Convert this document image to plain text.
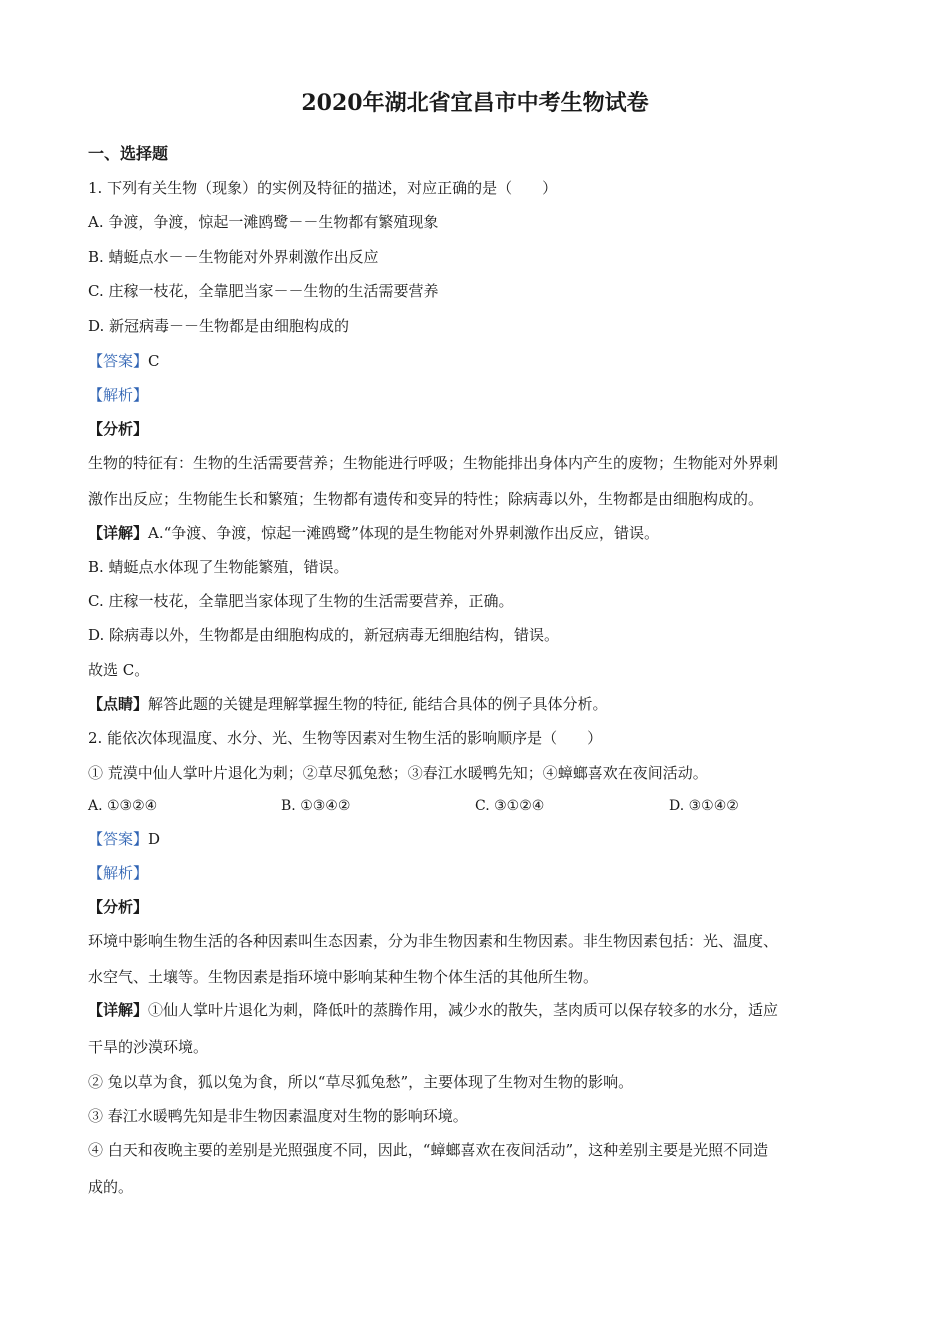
2020年湖北省宜昌市中考生物试卷
一、选择题
1. 下列有关生物（现象）的实例及特征的描述，对应正确的是（　　）
A. 争渡，争渡，惊起一滩鸥鹭－－生物都有繁殖现象
B. 蜻蜓点水－－生物能对外界刺激作出反应
C. 庄稼一枝花，全靠肥当家－－生物的生活需要营养
D. 新冠病毒－－生物都是由细胞构成的
【答案】C
【解析】
【分析】
生物的特征有：生物的生活需要营养；生物能进行呼吸；生物能排出身体内产生的废物；生物能对外界刺
激作出反应；生物能生长和繁殖；生物都有遗传和变异的特性；除病毒以外，生物都是由细胞构成的。
【详解】A.“争渡、争渡，惊起一滩鸥鹭”体现的是生物能对外界刺激作出反应，错误。
B. 蜻蜓点水体现了生物能繁殖，错误。
C. 庄稼一枝花，全靠肥当家体现了生物的生活需要营养，正确。
D. 除病毒以外，生物都是由细胞构成的，新冠病毒无细胞结构，错误。
故选 C。
【点睛】解答此题的关键是理解掌握生物的特征, 能结合具体的例子具体分析。
2. 能依次体现温度、水分、光、生物等因素对生物生活的影响顺序是（　　）
① 荒漠中仙人掌叶片退化为刺；②草尽狐兔愁；③春江水暖鸭先知；④蟑螂喜欢在夜间活动。
A. ①③②④	B. ①③④②	C. ③①②④	D. ③①④②
【答案】D
【解析】
【分析】
环境中影响生物生活的各种因素叫生态因素，分为非生物因素和生物因素。非生物因素包括：光、温度、
水空气、土壤等。生物因素是指环境中影响某种生物个体生活的其他所生物。
【详解】①仙人掌叶片退化为刺，降低叶的蒸腾作用，减少水的散失，茎肉质可以保存较多的水分，适应
干旱的沙漠环境。
② 兔以草为食，狐以兔为食，所以“草尽狐兔愁”，主要体现了生物对生物的影响。
③ 春江水暖鸭先知是非生物因素温度对生物的影响环境。
④ 白天和夜晚主要的差别是光照强度不同，因此，“蟑螂喜欢在夜间活动”，这种差别主要是光照不同造
成的。
